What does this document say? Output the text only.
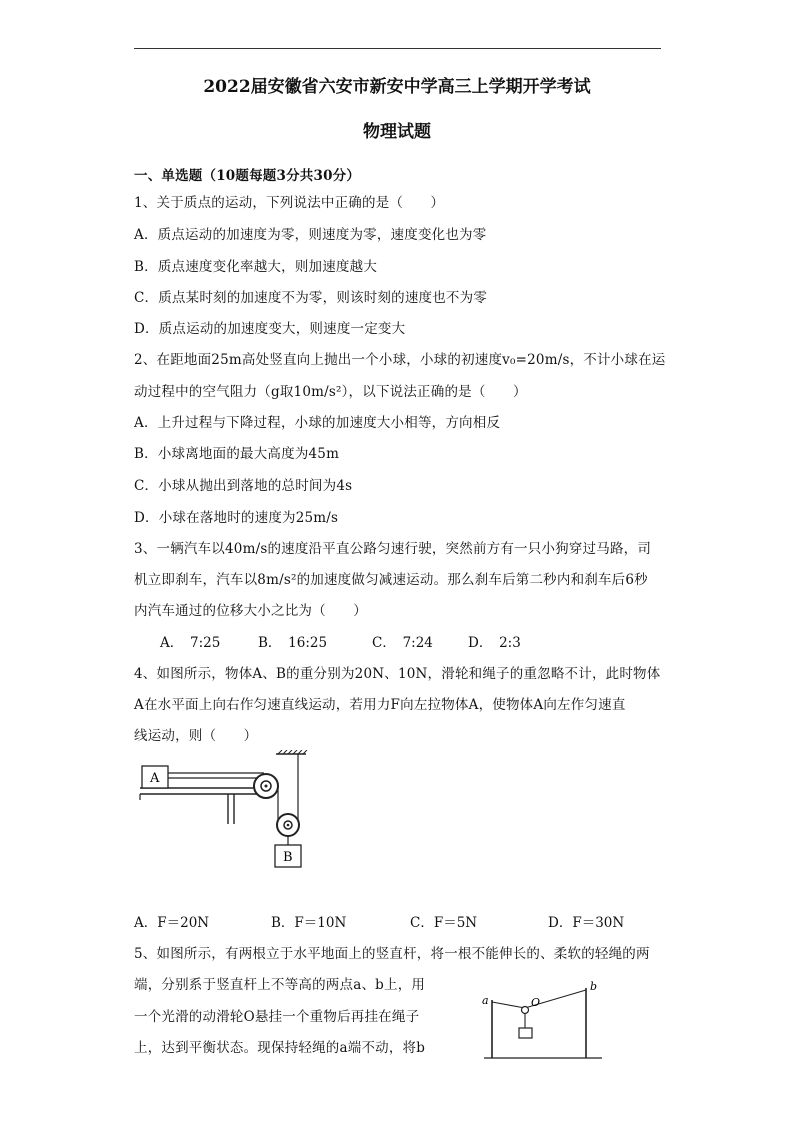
2022届安徽省六安市新安中学高三上学期开学考试
物理试题
一、单选题（10题每题3分共30分）
1、关于质点的运动，下列说法中正确的是（　　）
A．质点运动的加速度为零，则速度为零，速度变化也为零
B．质点速度变化率越大，则加速度越大
C．质点某时刻的加速度不为零，则该时刻的速度也不为零
D．质点运动的加速度变大，则速度一定变大
2、在距地面25m高处竖直向上抛出一个小球，小球的初速度v₀=20m/s，不计小球在运
动过程中的空气阻力（g取10m/s²），以下说法正确的是（　　）
A．上升过程与下降过程，小球的加速度大小相等，方向相反
B．小球离地面的最大高度为45m
C．小球从抛出到落地的总时间为4s
D．小球在落地时的速度为25m/s
3、一辆汽车以40m/s的速度沿平直公路匀速行驶，突然前方有一只小狗穿过马路，司
机立即刹车，汽车以8m/s²的加速度做匀减速运动。那么刹车后第二秒内和刹车后6秒
内汽车通过的位移大小之比为（　　）
A．　7:25	B．　16:25	C．　7:24	D．　2:3
4、如图所示，物体A、B的重分别为20N、10N，滑轮和绳子的重忽略不计，此时物体
A在水平面上向右作匀速直线运动，若用力F向左拉物体A，使物体A向左作匀速直
线运动，则（　　）
A
B
A．F＝20N	B．F＝10N	C．F＝5N	D．F＝30N
5、如图所示，有两根立于水平地面上的竖直杆，将一根不能伸长的、柔软的轻绳的两
端，分别系于竖直杆上不等高的两点a、b上，用
一个光滑的动滑轮O悬挂一个重物后再挂在绳子
上，达到平衡状态。现保持轻绳的a端不动，将b
a
b
O
